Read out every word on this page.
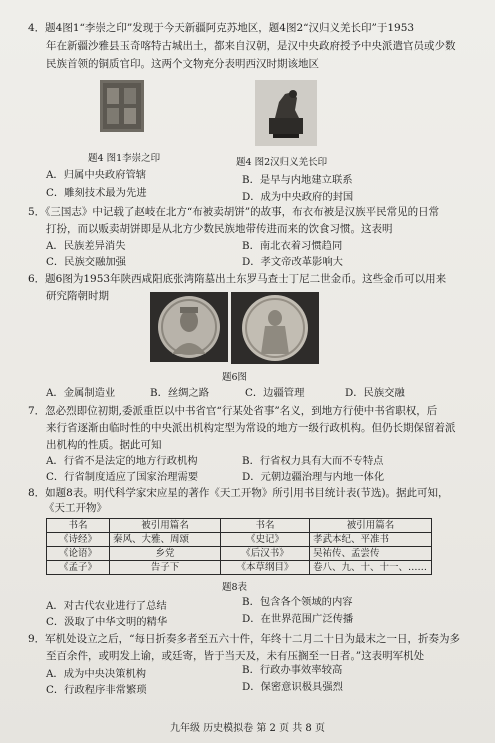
4．题4图1“李崇之印”发现于今天新疆阿克苏地区，题4图2“汉归义羌长印”于1953
年在新疆沙雅县玉奇喀特古城出土，都来自汉朝，是汉中央政府授予中央派遣官员或少数
民族首领的铜质官印。这两个文物充分表明西汉时期该地区
题4 图1李崇之印	题4 图2汉归义羌长印
A．归属中央政府管辖	B．是早与内地建立联系
C．雕刻技术最为先进	D．成为中央政府的封国
5．《三国志》中记载了赵岐在北方“布被卖胡饼”的故事，布衣布被是汉族平民常见的日常
打扮，而以贩卖胡饼即是从北方少数民族地带传进而来的饮食习惯。这表明
A．民族差异消失	B．南北衣着习惯趋同
C．民族交融加强	D．孝文帝改革影响大
6．题6图为1953年陕西咸阳底张湾隋墓出土东罗马查士丁尼二世金币。这些金币可以用来
研究隋朝时期
题6图
A．金属制造业	B．丝绸之路	C．边疆管理	D．民族交融
7．忽必烈即位初期,委派重臣以中书省官“行某处省事”名义，到地方行使中书省职权，后
来行省逐渐由临时性的中央派出机构定型为常设的地方一级行政机构。但仍长期保留着派
出机构的性质。据此可知
A．行省不是法定的地方行政机构	B．行省权力具有大而不专特点
C．行省制度适应了国家治理需要	D．元朝边疆治理与内地一体化
8．如题8表。明代科学家宋应星的著作《天工开物》所引用书目统计表(节选)。据此可知，
《天工开物》
书名	被引用篇名	书名	被引用篇名
《诗经》	秦风、大雅、周颂	《史记》	孝武本纪、平准书
《论语》	乡党	《后汉书》	吴祐传、孟尝传
《孟子》	告子下	《本草纲目》	卷八、九、十、十一、……
题8表
A．对古代农业进行了总结	B．包含各个领域的内容
C．汲取了中华文明的精华	D．在世界范围广泛传播
9．军机处设立之后，“每日折奏多者至五六十件，年终十二月二十日为最末之一日，折奏为多
至百余件，或明发上谕，或廷寄，皆于当天及，未有压搁至一日者。”这表明军机处
A．成为中央决策机构	B．行政办事效率较高
C．行政程序非常繁琐	D．保密意识极具强烈
九年级 历史模拟卷 第 2 页 共 8 页
